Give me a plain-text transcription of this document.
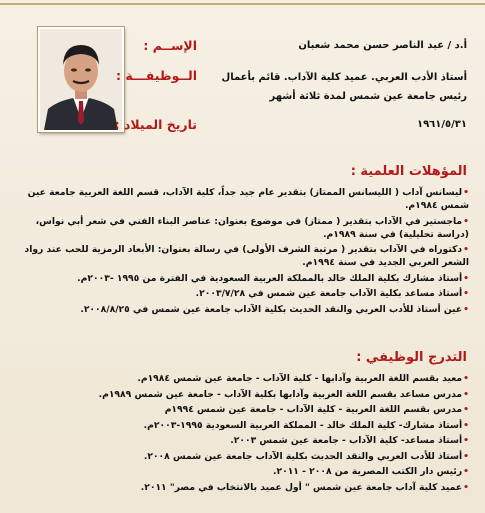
الإســم :	أ.د / عبد الناصر حسن محمد شعبان
الــوظيفـــة :	أستاذ الأدب العربي. عميد كلية الآداب. قائم بأعمال رئيس جامعة عين شمس لمدة ثلاثة أشهر
تاريخ الميلاد :	١٩٦١/٥/٣١
المؤهلات العلمية :
•ليسانس آداب ( الليسانس الممتاز) بتقدير عام جيد جداً، كلية الآداب، قسم اللغة العربية جامعة عين شمس ١٩٨٤م.
•ماجستير في الآداب بتقدير ( ممتاز) في موضوع بعنوان: عناصر البناء الفني في شعر أبي نواس، (دراسة تحليلية) في سنة ١٩٨٩م.
•دكتوراه في الآداب بتقدير ( مرتبة الشرف الأولى) في رسالة بعنوان: الأبعاد الرمزية للحب عند رواد الشعر العربي الجديد في سنة ١٩٩٤م.
•أستاذ مشارك بكلية الملك خالد بالمملكة العربية السعودية في الفترة من ١٩٩٥ -٢٠٠٣م.
•أستاذ مساعد بكلية الآداب جامعة عين شمس في ٢٠٠٣/٧/٢٨.
•عين أستاذ للأدب العربي والنقد الحديث بكلية الآداب جامعة عين شمس في ٢٠٠٨/٨/٢٥.
التدرج الوظيفي :
•معيد بقسم اللغة العربية وآدابها - كلية الآداب - جامعة عين شمس ١٩٨٤م.
•مدرس مساعد بقسم اللغة العربية وآدابها بكلية الآداب - جامعة عين شمس ١٩٨٩م.
•مدرس بقسم اللغة العربية - كلية الآداب - جامعة عين شمس ١٩٩٤م
•أستاذ مشارك- كلية الملك خالد - المملكة العربية السعودية ١٩٩٥-٢٠٠٣م.
•أستاذ مساعد- كلية الآداب - جامعة عين شمس ٢٠٠٣.
•أستاذ للأدب العربي والنقد الحديث بكلية الآداب جامعة عين شمس ٢٠٠٨.
•رئيس دار الكتب المصرية من ٢٠٠٨ - ٢٠١١.
•عميد كلية آداب جامعة عين شمس " أول عميد بالانتخاب في مصر" ٢٠١١.
